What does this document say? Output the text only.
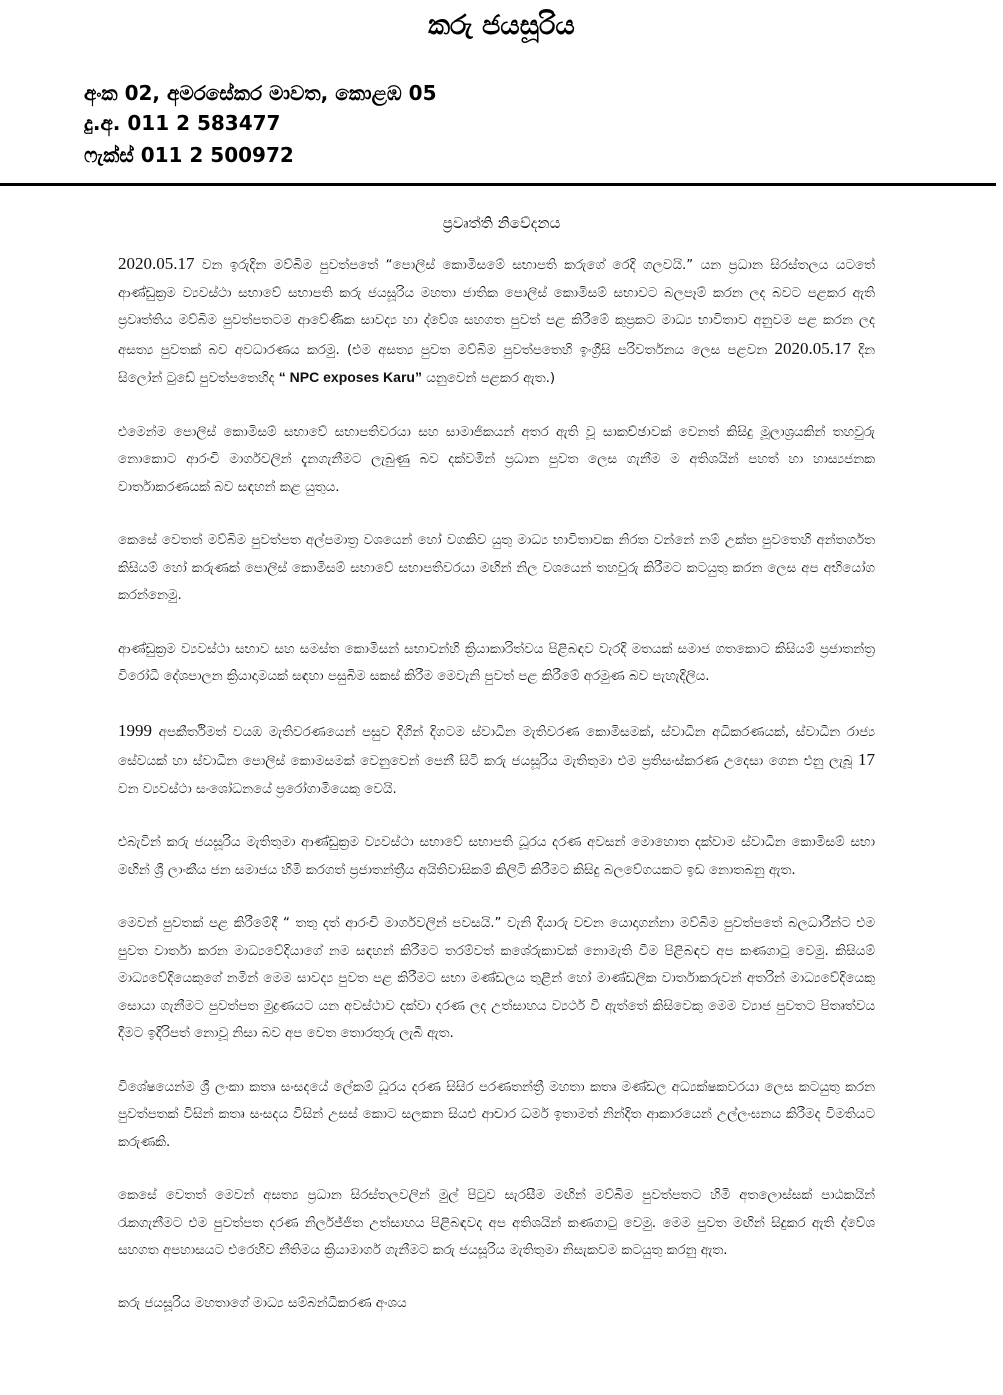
කරු ජයසූරිය
අංක 02, අමරසේකර මාවත, කොළඹ 05
දු.අ. 011 2 583477
ෆැක්ස් 011 2 500972
ප්‍රවෘත්ති නිවේදනය

2020.05.17 වන ඉරුදින මව්බිම පුවත්පතේ “පොලිස් කොමිසමේ සභාපති කරුගේ රෙදි ගලවයි.” යන ප්‍රධාන සිරස්තලය යටතේ ආණ්ඩුක්‍රම ව්‍යවස්ථා සභාවේ සභාපති කරු ජයසූරිය මහතා ජාතික පොලිස් කොමිසම් සභාවට බලපෑම් කරන ලද බවට පළකර ඇති ප්‍රවෘත්තිය මව්බිම පුවත්පතටම ආවේණික සාවද්‍ය හා ද්වේශ සහගත පුවත් පළ කිරීමේ කුප්‍රකට මාධ්‍ය භාවිතාව අනුවම පළ කරන ලද අසත්‍ය පුවතක් බව අවධාරණය කරමු. (එම අසත්‍ය පුවත මව්බිම පුවත්පතෙහි ඉංග්‍රීසි පරිවර්තනය ලෙස පළවන 2020.05.17 දින සිලෝන් ටුඩේ පුවත්පතෙහිද “ NPC exposes Karu” යනුවෙන් පළකර ඇත.)

එමෙන්ම පොලිස් කොමිසම් සභාවේ සභාපතිවරයා සහ සාමාජිකයන් අතර ඇති වූ සාකච්ඡාවක් වෙනත් කිසිදු මූලාශ්‍රයකින් තහවුරු නොකොට ආරංචි මාර්ගවලින් දැනගැනීමට ලැබුණු බව දක්වමින් ප්‍රධාන පුවත ලෙස ගැනීම ම අතිශයින් පහත් හා හාස්‍යජනක වාර්තාකරණයක් බව සඳහන් කළ යුතුය.

කෙසේ වෙතත් මව්බිම පුවත්පත අල්පමාත්‍ර වශයෙන් හෝ වගකිව යුතු මාධ්‍ය භාවිතාවක නිරත වන්නේ නම් උක්ත පුවතෙහි අන්තර්ගත කිසියම් හෝ කරුණක් පොලිස් කොමිසම් සභාවේ සභාපතිවරයා මඟින් නිල වශයෙන් තහවුරු කිරීමට කටයුතු කරන ලෙස අප අභියෝග කරන්නෙමු.

ආණ්ඩුක්‍රම ව්‍යවස්ථා සභාව සහ සමස්ත කොමිසන් සභාවන්හි ක්‍රියාකාරිත්වය පිළිබඳව වැරදි මතයක් සමාජ ගතකොට කිසියම් ප්‍රජාතන්ත්‍ර විරෝධී දේශපාලන ක්‍රියාදාමයක් සඳහා පසුබිම සකස් කිරීම මෙවැනි පුවත් පළ කිරීමේ අරමුණ බව පැහැදිලිය.

1999 අපකීර්තිමත් වයඹ මැතිවරණයෙන් පසුව දිගින් දිගටම ස්වාධීන මැතිවරණ කොමිසමක්, ස්වාධීන අධිකරණයක්, ස්වාධීන රාජ්‍ය සේවයක් හා ස්වාධීන පොලිස් කොමසමක් වෙනුවෙන් පෙනී සිටි කරු ජයසූරිය මැතිතුමා එම ප්‍රතිසංස්කරණ උදෙසා ගෙන එනු ලැබූ 17 වන ව්‍යවස්ථා සංශෝධනයේ ප්‍රරෝගාමියෙකු වෙයි.

එබැවින් කරු ජයසූරිය මැතිතුමා ආණ්ඩුක්‍රම ව්‍යවස්ථා සභාවේ සභාපති ධූරය දරණ අවසන් මොහොත දක්වාම ස්වාධීන කොමිසම් සභා මඟින් ශ්‍රී ලාංකීය ජන සමාජය හිමි කරගත් ප්‍රජාතන්ත්‍රීය අයිතිවාසිකම් කිලිටි කිරීමට කිසිදු බලවේගයකට ඉඩ නොතබනු ඇත.

මෙවන් පුවතක් පළ කිරීමේදී “ තතු දත් ආරංචි මාර්ගවලින් පවසයි.” වැනි දියාරු වචන යොදාගන්නා මව්බිම පුවත්පතේ බලධාරීන්ට එම පුවත වාර්තා කරන මාධ්‍යවේදියාගේ නම සඳහන් කිරීමට තරම්වත් කශේරුකාවක් නොමැති වීම පිළිබඳව අප කණගාටු වෙමු. කිසියම් මාධ්‍යවේදියෙකුගේ නමින් මෙම සාවද්‍ය පුවත පළ කිරීමට සභා මණ්ඩලය තුළින් හෝ මාණ්ඩලික වාර්තාකරුවන් අතරින් මාධ්‍යවේදියෙකු සොයා ගැනීමට පුවත්පත මුද්‍රණයට යන අවස්ථාව දක්වා දරණ ලද උත්සාහය ව්‍යර්ථ වී ඇත්තේ කිසිවෙකු මෙම ව්‍යාජ පුවතට පිතෘත්වය දීමට ඉදිරිපත් නොවූ නිසා බව අප වෙත තොරතුරු ලැබී ඇත.

විශේෂයෙන්ම ශ්‍රී ලංකා කතෘ සංසදයේ ලේකම් ධූරය දරණ සිසිර පරණතන්ත්‍රී මහතා කතෘ මණ්ඩල අධ්‍යක්ෂකවරයා ලෙස කටයුතු කරන පුවත්පතක් විසින් කතෘ සංසදය විසින් උසස් කොට සලකන සියළු ආචාර ධර්ම ඉතාමත් නින්දිත ආකාරයෙන් උල්ලංඝනය කිරීමද විමතියට කරුණකි.

කෙසේ වෙතත් මෙවන් අසත්‍ය ප්‍රධාන සිරස්තලවලින් මුල් පිටුව සැරසීම මඟින් මව්බිම පුවත්පතට හිමි අතලොස්සක් පාඨකයින් රැකගැනීමට එම පුවත්පත දරණ නිර්ලජ්ජිත උත්සාහය පිළිබඳවද අප අතිශයින් කණගාටු වෙමු. මෙම පුවත මඟින් සිදුකර ඇති ද්වේශ සහගත අපහාසයට එරෙහිව නීතිමය ක්‍රියාමාර්ග ගැනීමට කරු ජයසූරිය මැතිතුමා නිසැකවම කටයුතු කරනු ඇත.

කරු ජයසූරිය මහතාගේ මාධ්‍ය සම්බන්ධීකරණ අංශය
